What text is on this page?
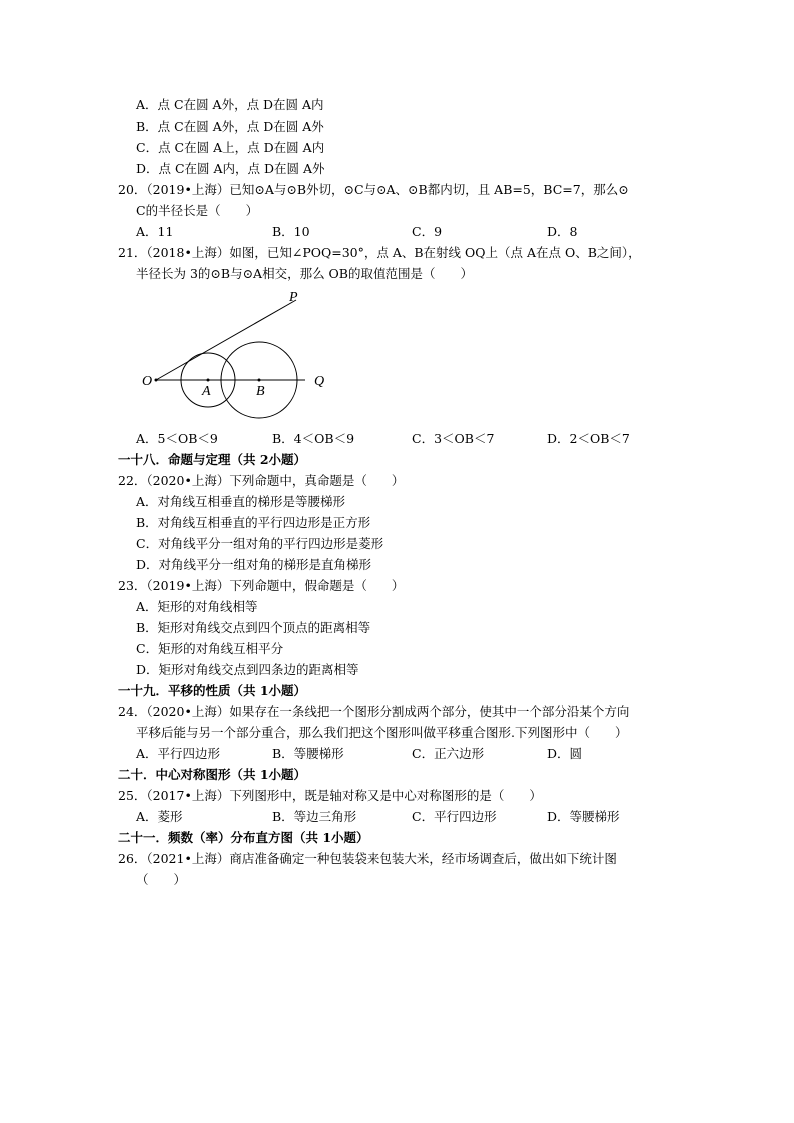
A．点 C在圆 A外，点 D在圆 A内
B．点 C在圆 A外，点 D在圆 A外
C．点 C在圆 A上，点 D在圆 A内
D．点 C在圆 A内，点 D在圆 A外
20．（2019•上海）已知⊙A与⊙B外切，⊙C与⊙A、⊙B都内切，且 AB=5，BC=7，那么⊙
C的半径长是（　　）
A．11	B．10	C．9	D．8
21．（2018•上海）如图，已知∠POQ=30°，点 A、B在射线 OQ上（点 A在点 O、B之间），
半径长为 3的⊙B与⊙A相交，那么 OB的取值范围是（　　）
P
O
A	B
Q
A．5＜OB＜9	B．4＜OB＜9	C．3＜OB＜7	D．2＜OB＜7
一十八．命题与定理（共 2小题）
22．（2020•上海）下列命题中，真命题是（　　）
A．对角线互相垂直的梯形是等腰梯形
B．对角线互相垂直的平行四边形是正方形
C．对角线平分一组对角的平行四边形是菱形
D．对角线平分一组对角的梯形是直角梯形
23．（2019•上海）下列命题中，假命题是（　　）
A．矩形的对角线相等
B．矩形对角线交点到四个顶点的距离相等
C．矩形的对角线互相平分
D．矩形对角线交点到四条边的距离相等
一十九．平移的性质（共 1小题）
24．（2020•上海）如果存在一条线把一个图形分割成两个部分，使其中一个部分沿某个方向
平移后能与另一个部分重合，那么我们把这个图形叫做平移重合图形.下列图形中（　　）
A．平行四边形	B．等腰梯形	C．正六边形	D．圆
二十．中心对称图形（共 1小题）
25．（2017•上海）下列图形中，既是轴对称又是中心对称图形的是（　　）
A．菱形	B．等边三角形	C．平行四边形	D．等腰梯形
二十一．频数（率）分布直方图（共 1小题）
26．（2021•上海）商店准备确定一种包装袋来包装大米，经市场调查后，做出如下统计图
（　　）
